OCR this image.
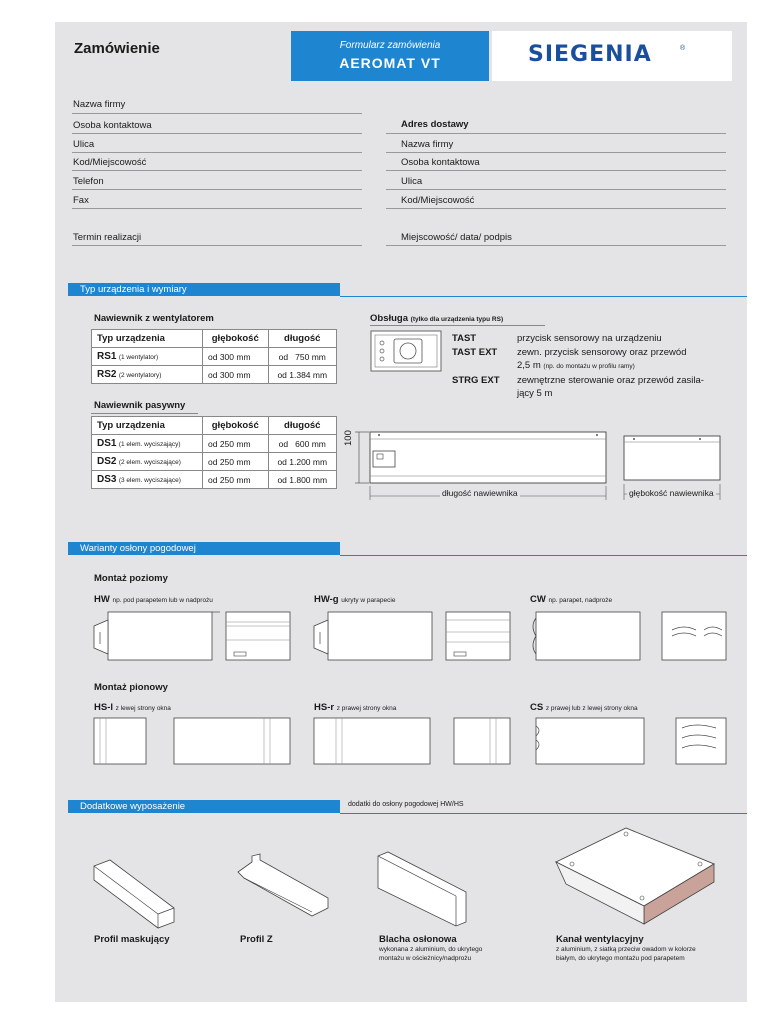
Zamówienie	Formularz zamówienia
AEROMAT VT	SIEGENIA	®
Nazwa firmy
Osoba kontaktowa
Ulica
Kod/Miejscowość
Telefon
Fax
Adres dostawy
Nazwa firmy
Osoba kontaktowa
Ulica
Kod/Miejscowość
Termin realizacji	Miejscowość/ data/ podpis
Typ urządzenia i wymiary
Nawiewnik z wentylatorem
Typ urządzenia	głębokość	długość
RS1 (1 wentylator)	od 300 mm	od   750 mm
RS2 (2 wentylatory)	od 300 mm	od 1.384 mm
Nawiewnik pasywny
Typ urządzenia	głębokość	długość
DS1 (1 elem. wyciszający)	od 250 mm	od   600 mm
DS2 (2 elem. wyciszające)	od 250 mm	od 1.200 mm
DS3 (3 elem. wyciszające)	od 250 mm	od 1.800 mm
Obsługa (tylko dla urządzenia typu RS)
TAST	przycisk sensorowy na urządzeniu
TAST EXT zewn. przycisk sensorowy oraz przewód
2,5 m (np. do montażu w profilu ramy)
STRG EXT zewnętrzne sterowanie oraz przewód zasila-
jący 5 m
100
długość nawiewnika	głębokość nawiewnika
Warianty osłony pogodowej
Montaż poziomy
HW np. pod parapetem lub w nadprożu	HW-g ukryty w parapecie	CW np. parapet, nadproże
Montaż pionowy
HS-l z lewej strony okna	HS-r z prawej strony okna	CS z prawej lub z lewej strony okna
Dodatkowe wyposażenie	dodatki do osłony pogodowej HW/HS
Profil maskujący	Profil Z	Blacha osłonowa
wykonana z aluminium, do ukrytego
montażu w ościeżnicy/nadprożu
Kanał wentylacyjny
z aluminium, z siatką przeciw owadom w kolorze
białym, do ukrytego montażu pod parapetem
